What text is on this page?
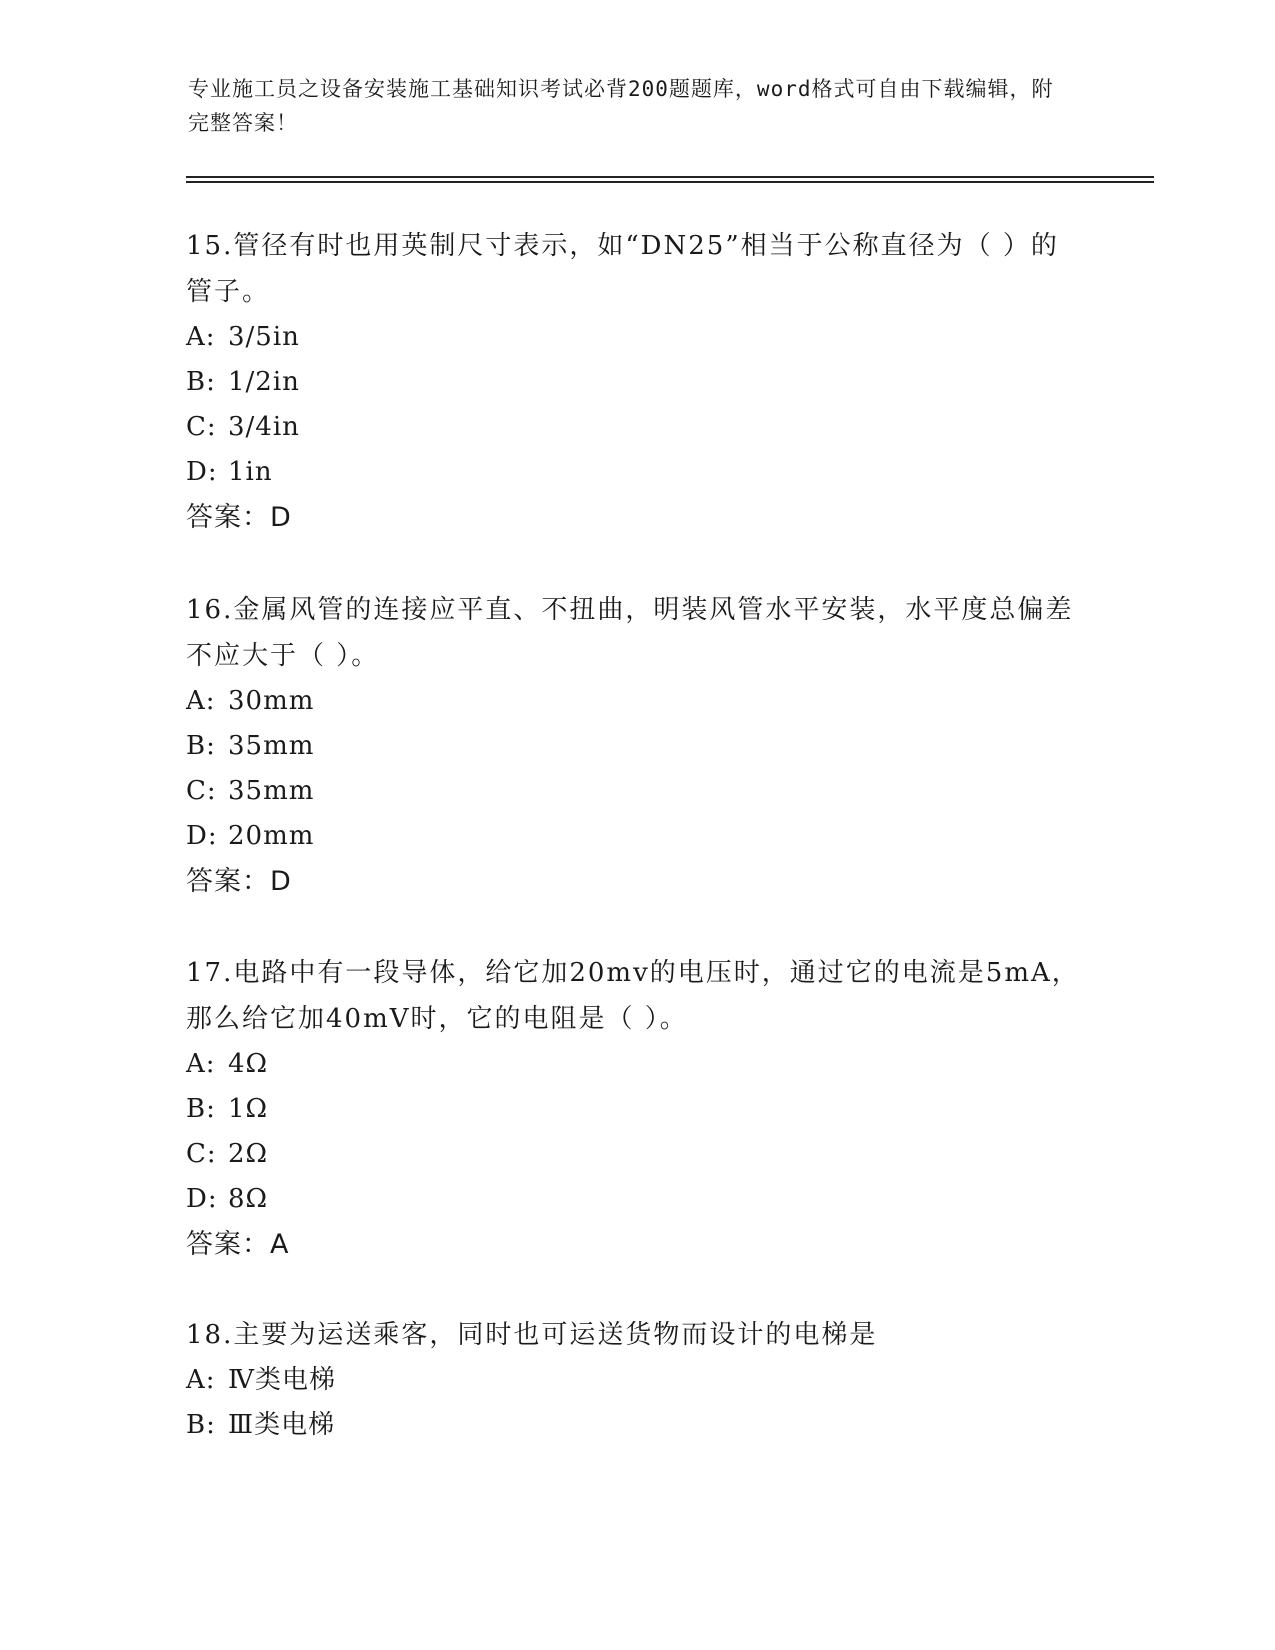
专业施工员之设备安装施工基础知识考试必背200题题库，word格式可自由下载编辑，附完整答案！
15.管径有时也用英制尺寸表示，如“DN25”相当于公称直径为（ ）的管子。
A: 3/5in
B: 1/2in
C: 3/4in
D: 1in
答案：D
16.金属风管的连接应平直、不扭曲，明装风管水平安装，水平度总偏差不应大于（ ）。
A: 30mm
B: 35mm
C: 35mm
D: 20mm
答案：D
17.电路中有一段导体，给它加20mv的电压时，通过它的电流是5mA，那么给它加40mV时，它的电阻是（ ）。
A: 4Ω
B: 1Ω
C: 2Ω
D: 8Ω
答案：A
18.主要为运送乘客，同时也可运送货物而设计的电梯是
A: Ⅳ类电梯
B: Ⅲ类电梯
